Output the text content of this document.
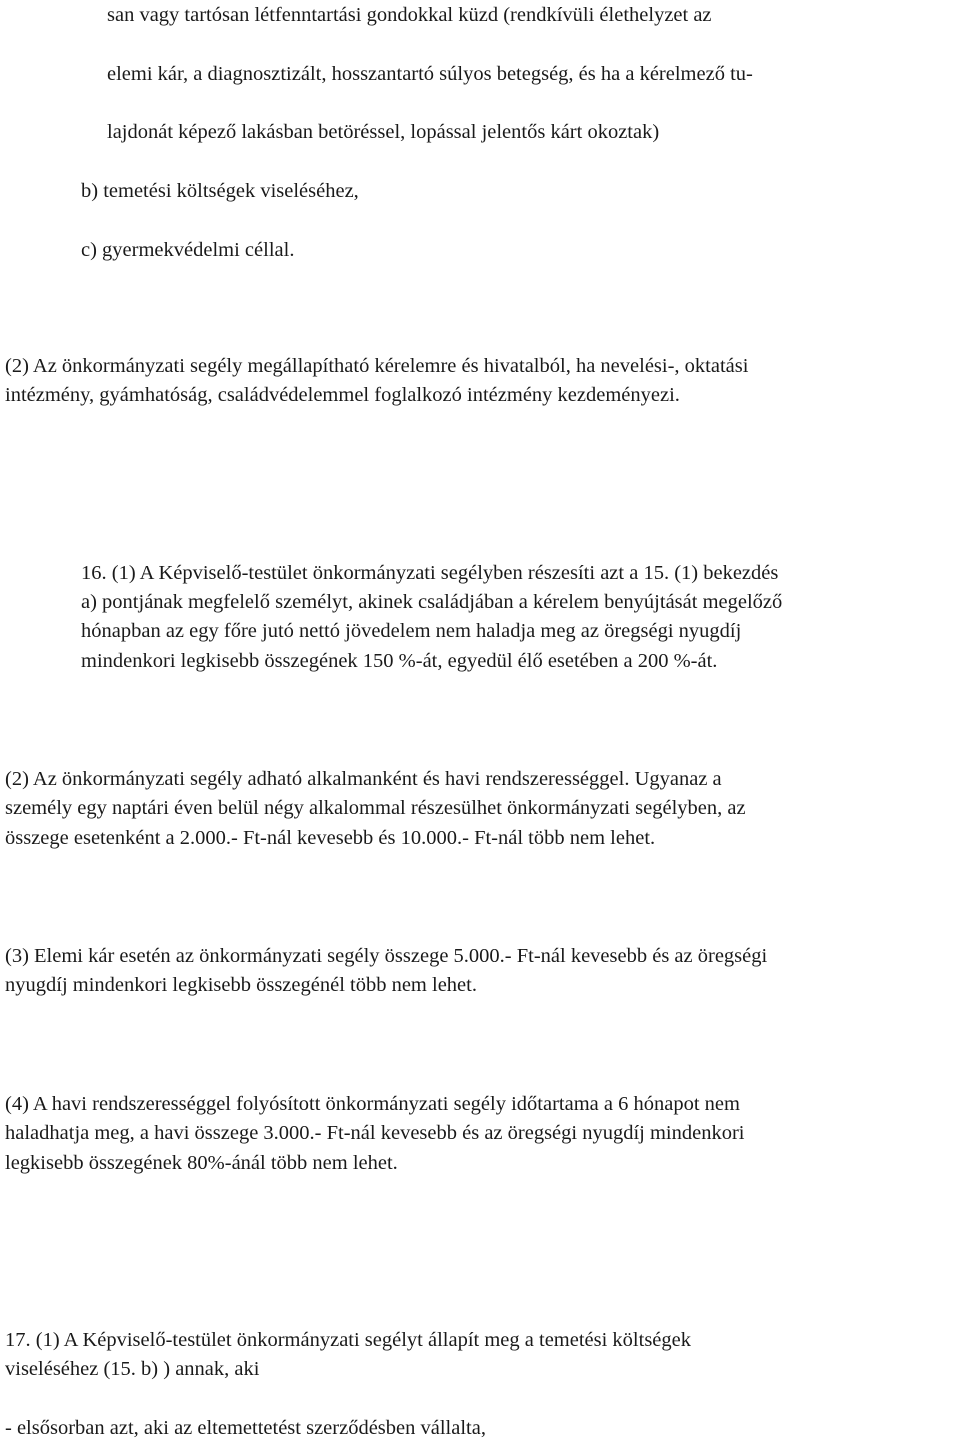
san vagy tartósan létfenntartási gondokkal küzd (rendkívüli élethelyzet az
elemi kár, a diagnosztizált, hosszantartó súlyos betegség, és ha a kérelmező tu-
lajdonát képező lakásban betöréssel, lopással jelentős kárt okoztak)
b) temetési költségek viseléséhez,
c) gyermekvédelmi céllal.

(2) Az önkormányzati segély megállapítható kérelemre és hivatalból, ha nevelési-, oktatási

intézmény, gyámhatóság, családvédelemmel foglalkozó intézmény kezdeményezi.

16. (1) A Képviselő-testület önkormányzati segélyben részesíti azt a 15. (1) bekezdés

a) pontjának megfelelő személyt, akinek családjában a kérelem benyújtását megelőző

hónapban az egy főre jutó nettó jövedelem nem haladja meg az öregségi nyugdíj

mindenkori legkisebb összegének 150 %-át, egyedül élő esetében a 200 %-át.

(2) Az önkormányzati segély adható alkalmanként és havi rendszerességgel. Ugyanaz a

személy egy naptári éven belül négy alkalommal részesülhet önkormányzati segélyben, az

összege esetenként a 2.000.- Ft-nál kevesebb és 10.000.- Ft-nál több nem lehet.

(3) Elemi kár esetén az önkormányzati segély összege 5.000.- Ft-nál kevesebb és az öregségi

nyugdíj mindenkori legkisebb összegénél több nem lehet.

(4) A havi rendszerességgel folyósított önkormányzati segély időtartama a 6 hónapot nem

haladhatja meg, a havi összege 3.000.- Ft-nál kevesebb és az öregségi nyugdíj mindenkori

legkisebb összegének 80%-ánál több nem lehet.

17. (1) A Képviselő-testület önkormányzati segélyt állapít meg a temetési költségek

viseléséhez (15. b) ) annak, aki

- elsősorban azt, aki az eltemettetést szerződésben vállalta,
